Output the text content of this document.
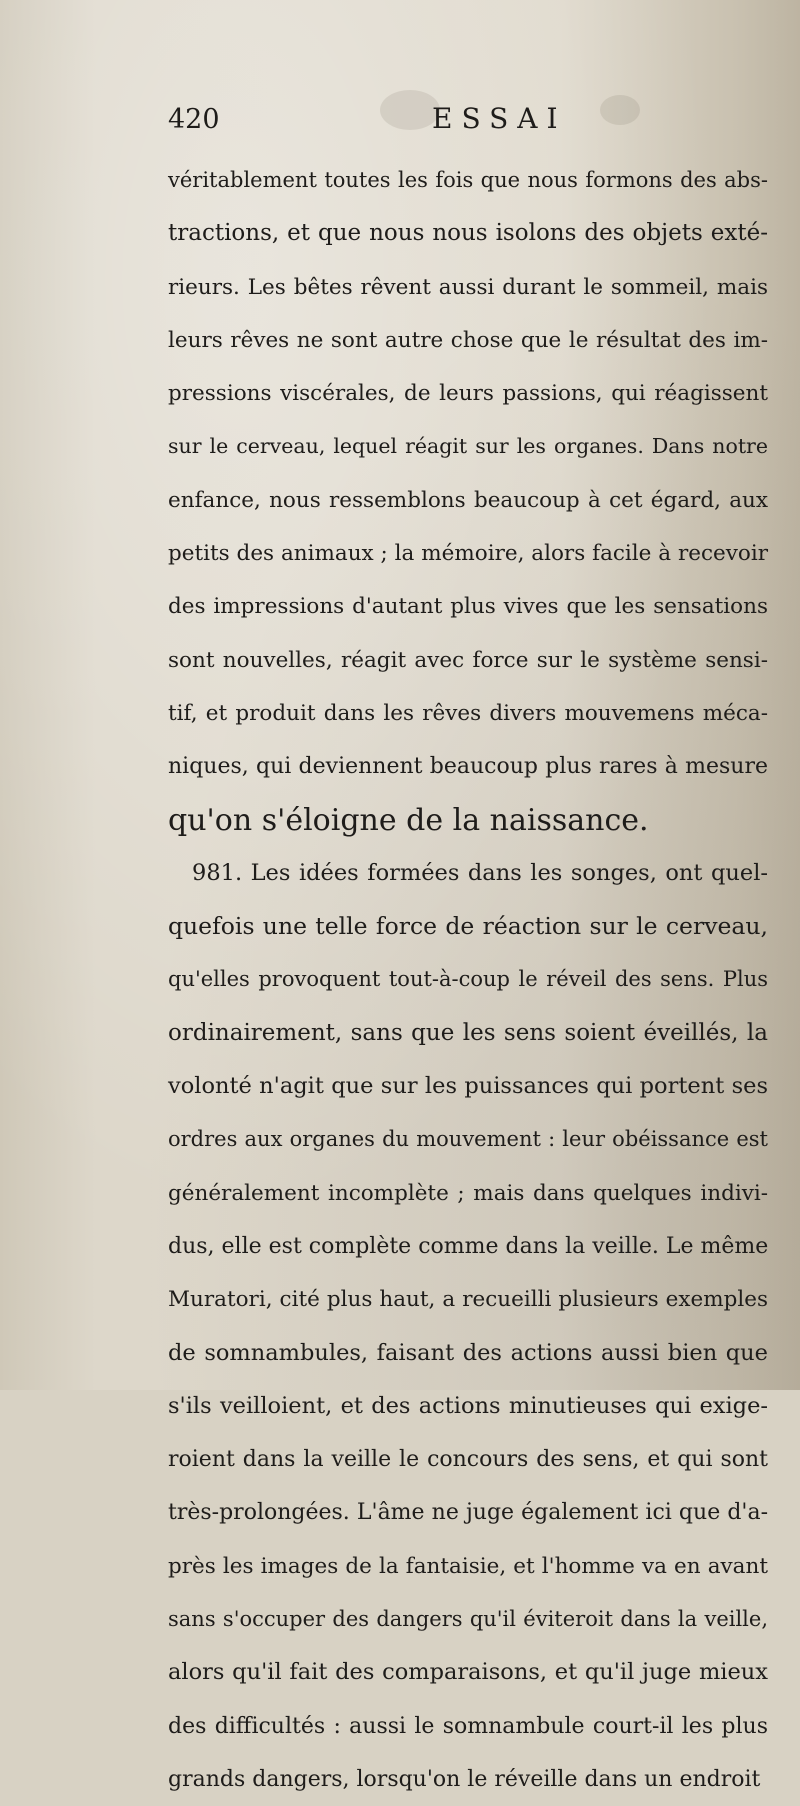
420	ESSAI
véritablement toutes les fois que nous formons des abs-
tractions, et que nous nous isolons des objets exté-
rieurs. Les bêtes rêvent aussi durant le sommeil, mais
leurs rêves ne sont autre chose que le résultat des im-
pressions viscérales, de leurs passions, qui réagissent
sur le cerveau, lequel réagit sur les organes. Dans notre
enfance, nous ressemblons beaucoup à cet égard, aux
petits des animaux ; la mémoire, alors facile à recevoir
des impressions d'autant plus vives que les sensations
sont nouvelles, réagit avec force sur le système sensi-
tif, et produit dans les rêves divers mouvemens méca-
niques, qui deviennent beaucoup plus rares à mesure
qu'on s'éloigne de la naissance.
981. Les idées formées dans les songes, ont quel-
quefois une telle force de réaction sur le cerveau,
qu'elles provoquent tout-à-coup le réveil des sens. Plus
ordinairement, sans que les sens soient éveillés, la
volonté n'agit que sur les puissances qui portent ses
ordres aux organes du mouvement : leur obéissance est
généralement incomplète ; mais dans quelques indivi-
dus, elle est complète comme dans la veille. Le même
Muratori, cité plus haut, a recueilli plusieurs exemples
de somnambules, faisant des actions aussi bien que
s'ils veilloient, et des actions minutieuses qui exige-
roient dans la veille le concours des sens, et qui sont
très-prolongées. L'âme ne juge également ici que d'a-
près les images de la fantaisie, et l'homme va en avant
sans s'occuper des dangers qu'il éviteroit dans la veille,
alors qu'il fait des comparaisons, et qu'il juge mieux
des difficultés : aussi le somnambule court-il les plus
grands dangers, lorsqu'on le réveille dans un endroit
